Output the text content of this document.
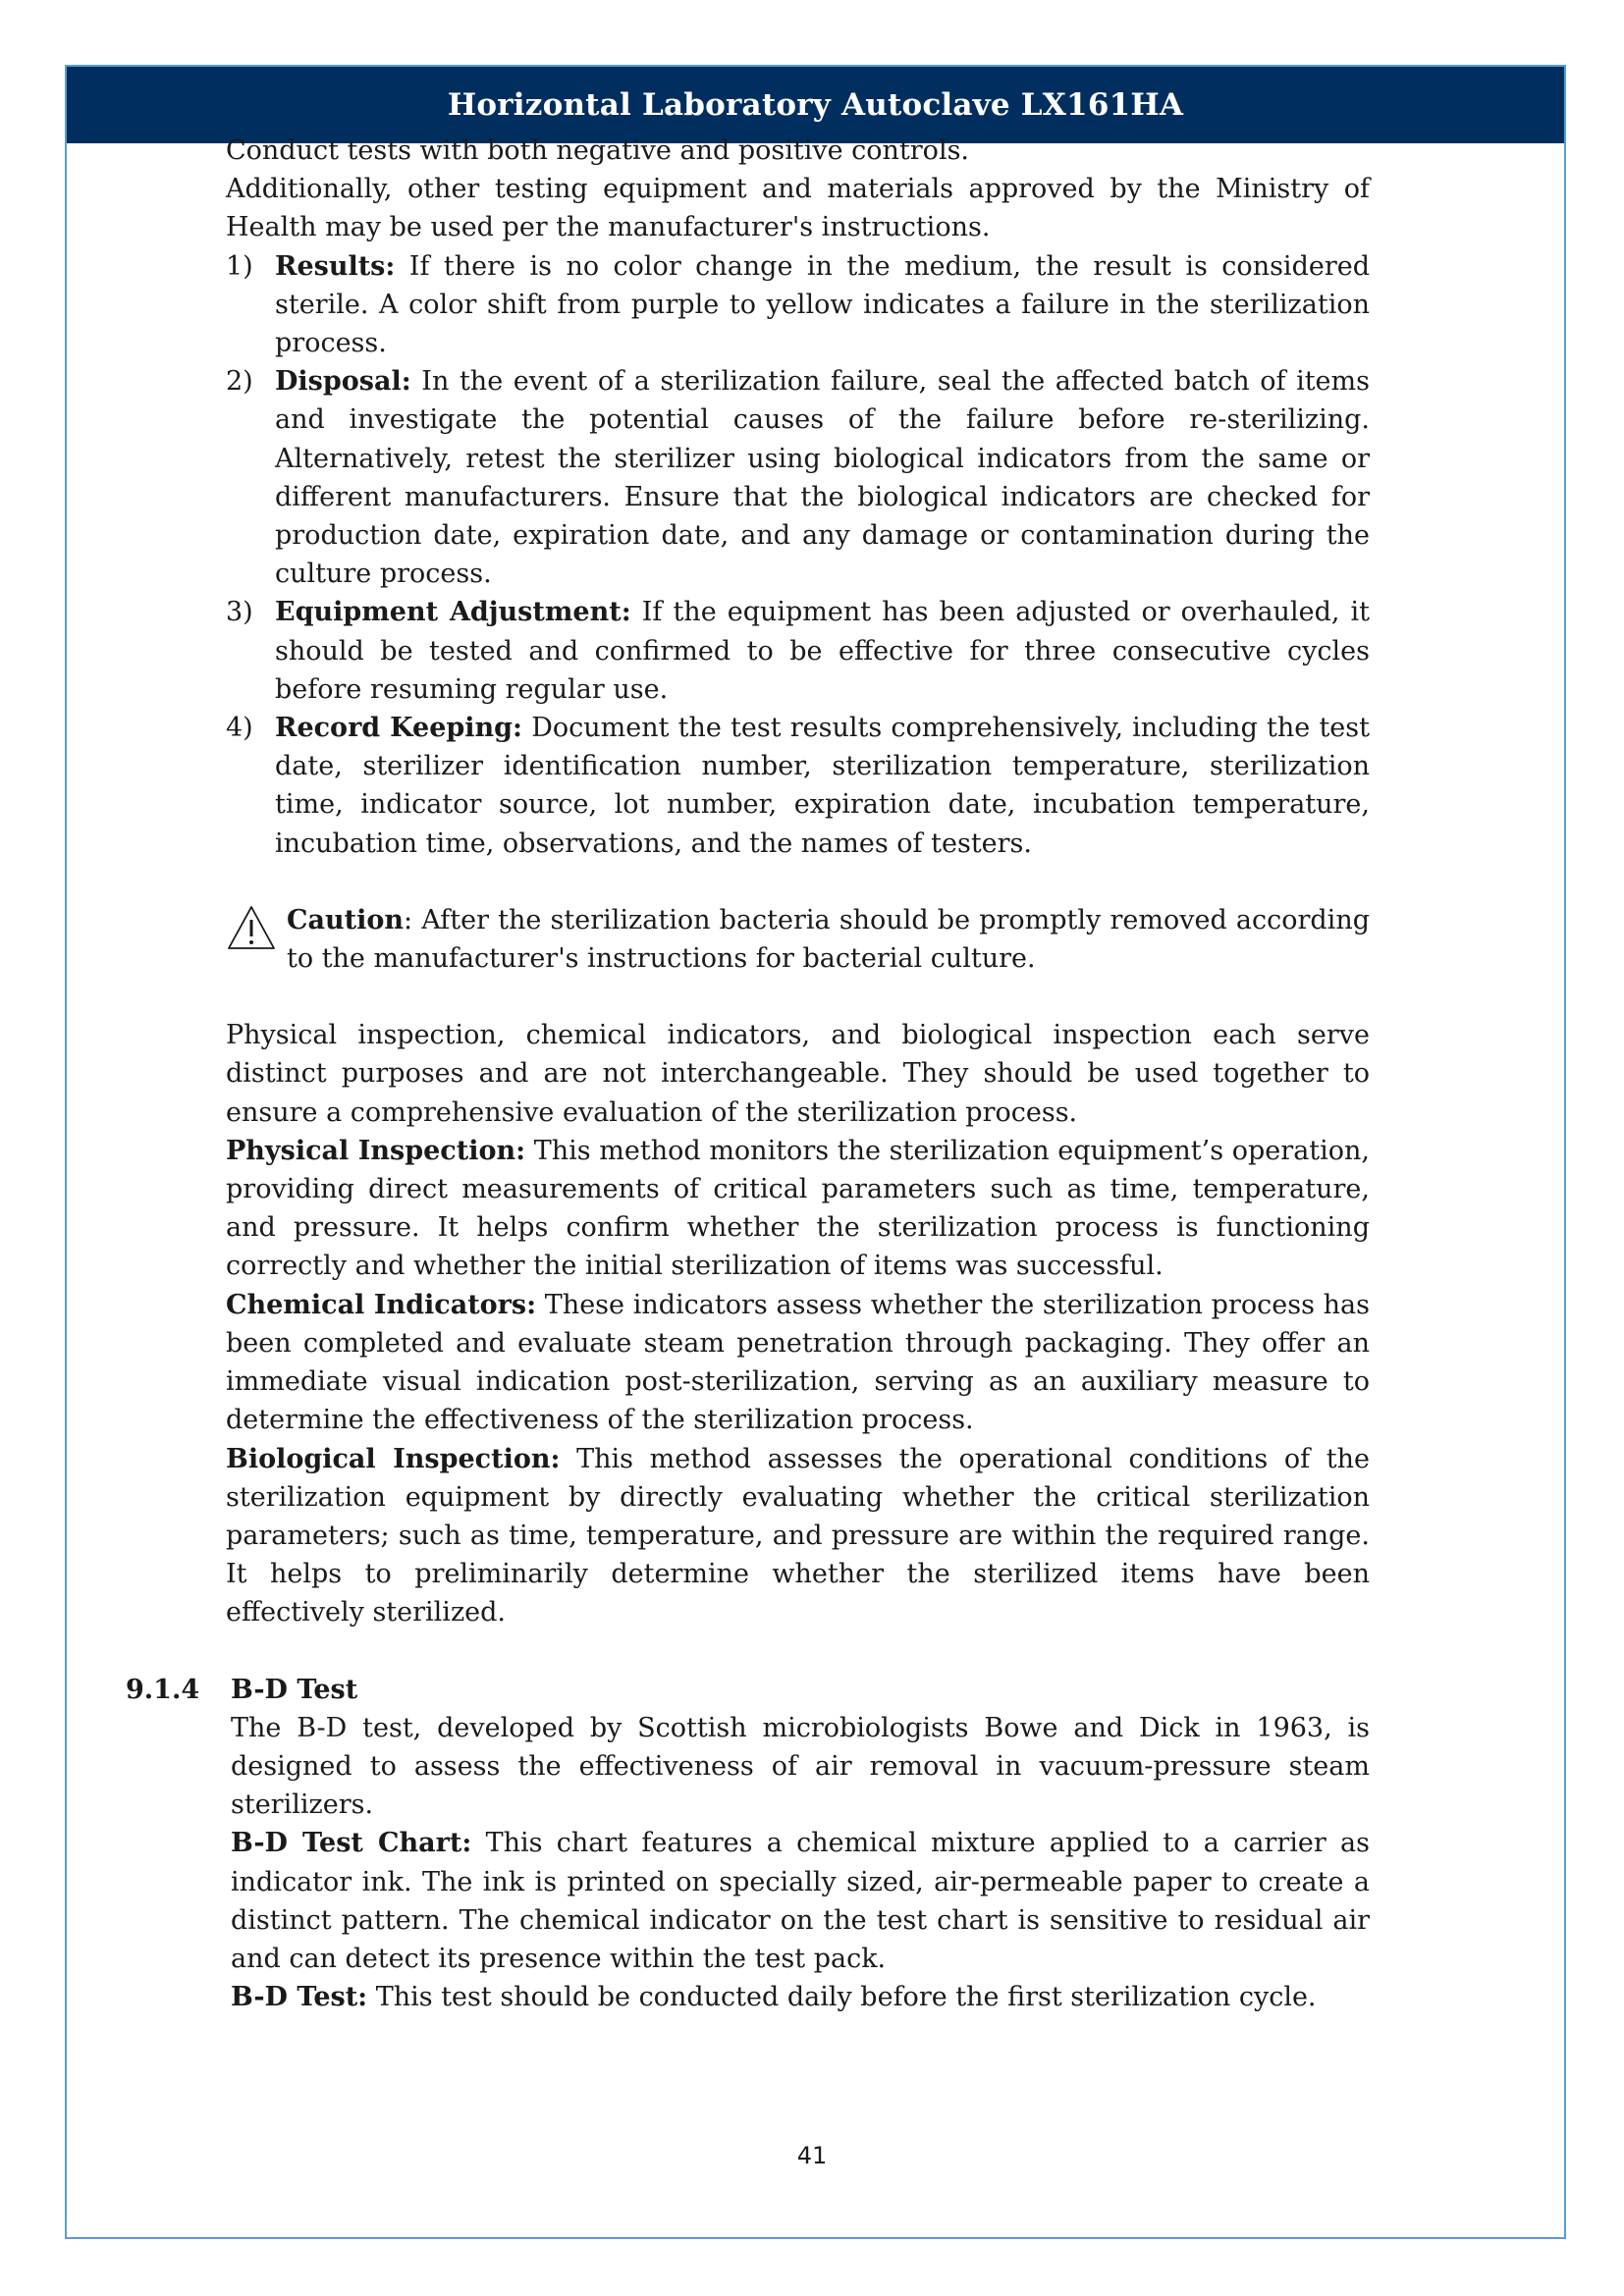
Horizontal Laboratory Autoclave LX161HA

Conduct tests with both negative and positive controls.

Additionally, other testing equipment and materials approved by the Ministry of Health may be used per the manufacturer's instructions.

1) Results: If there is no color change in the medium, the result is considered sterile. A color shift from purple to yellow indicates a failure in the sterilization process.
2) Disposal: In the event of a sterilization failure, seal the affected batch of items and investigate the potential causes of the failure before re-sterilizing. Alternatively, retest the sterilizer using biological indicators from the same or different manufacturers. Ensure that the biological indicators are checked for production date, expiration date, and any damage or contamination during the culture process.
3) Equipment Adjustment: If the equipment has been adjusted or overhauled, it should be tested and confirmed to be effective for three consecutive cycles before resuming regular use.
4) Record Keeping: Document the test results comprehensively, including the test date, sterilizer identification number, sterilization temperature, sterilization time, indicator source, lot number, expiration date, incubation temperature, incubation time, observations, and the names of testers.
Caution: After the sterilization bacteria should be promptly removed according to the manufacturer's instructions for bacterial culture.

Physical inspection, chemical indicators, and biological inspection each serve distinct purposes and are not interchangeable. They should be used together to ensure a comprehensive evaluation of the sterilization process.

Physical Inspection: This method monitors the sterilization equipment’s operation, providing direct measurements of critical parameters such as time, temperature, and pressure. It helps confirm whether the sterilization process is functioning correctly and whether the initial sterilization of items was successful.

Chemical Indicators: These indicators assess whether the sterilization process has been completed and evaluate steam penetration through packaging. They offer an immediate visual indication post-sterilization, serving as an auxiliary measure to determine the effectiveness of the sterilization process.

Biological Inspection: This method assesses the operational conditions of the sterilization equipment by directly evaluating whether the critical sterilization parameters; such as time, temperature, and pressure are within the required range. It helps to preliminarily determine whether the sterilized items have been effectively sterilized.

9.1.4 B-D Test

The B-D test, developed by Scottish microbiologists Bowe and Dick in 1963, is designed to assess the effectiveness of air removal in vacuum-pressure steam sterilizers.

B-D Test Chart: This chart features a chemical mixture applied to a carrier as indicator ink. The ink is printed on specially sized, air-permeable paper to create a distinct pattern. The chemical indicator on the test chart is sensitive to residual air and can detect its presence within the test pack.

B-D Test: This test should be conducted daily before the first sterilization cycle.

41
